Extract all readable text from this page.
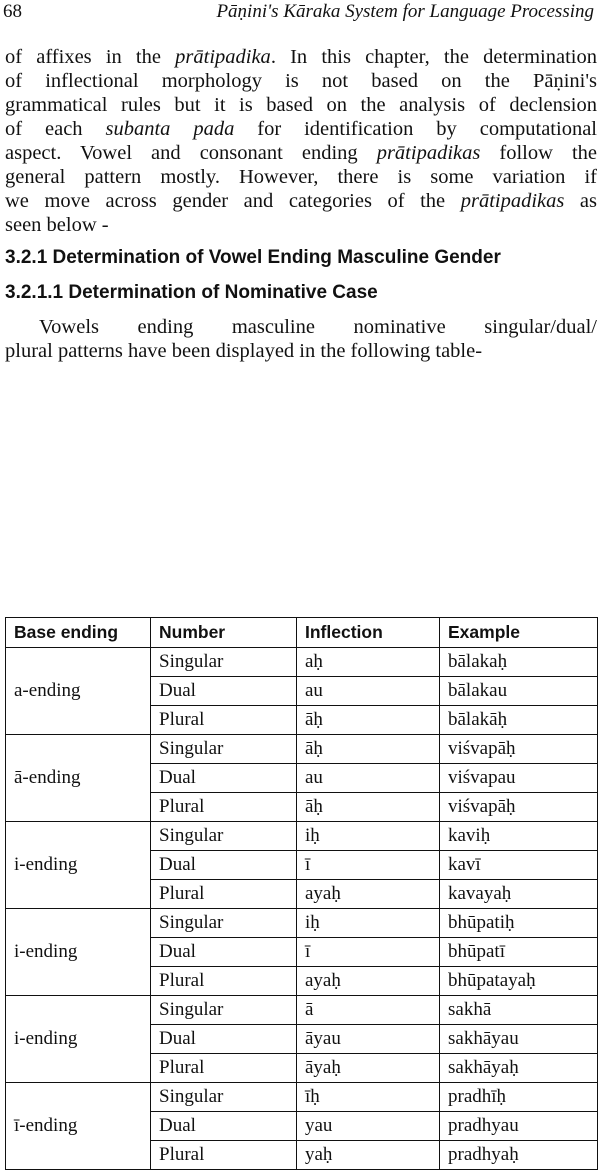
68	Pāṇini's Kāraka System for Language Processing
of affixes in the prātipadika. In this chapter, the determination
of inflectional morphology is not based on the Pāṇini's
grammatical rules but it is based on the analysis of declension
of each subanta pada for identification by computational
aspect. Vowel and consonant ending prātipadikas follow the
general pattern mostly. However, there is some variation if
we move across gender and categories of the prātipadikas as
seen below -

3.2.1 Determination of Vowel Ending Masculine Gender

3.2.1.1 Determination of Nominative Case

Vowels ending masculine nominative singular/dual/
plural patterns have been displayed in the following table-
Base ending	Number	Inflection	Example
a-ending	Singular	aḥ	bālakaḥ
	Dual	au	bālakau
	Plural	āḥ	bālakāḥ
ā-ending	Singular	āḥ	viśvapāḥ
	Dual	au	viśvapau
	Plural	āḥ	viśvapāḥ
i-ending	Singular	iḥ	kaviḥ
	Dual	ī	kavī
	Plural	ayaḥ	kavayaḥ
i-ending	Singular	iḥ	bhūpatiḥ
	Dual	ī	bhūpatī
	Plural	ayaḥ	bhūpatayaḥ
i-ending	Singular	ā	sakhā
	Dual	āyau	sakhāyau
	Plural	āyaḥ	sakhāyaḥ
ī-ending	Singular	īḥ	pradhīḥ
	Dual	yau	pradhyau
	Plural	yaḥ	pradhyaḥ
